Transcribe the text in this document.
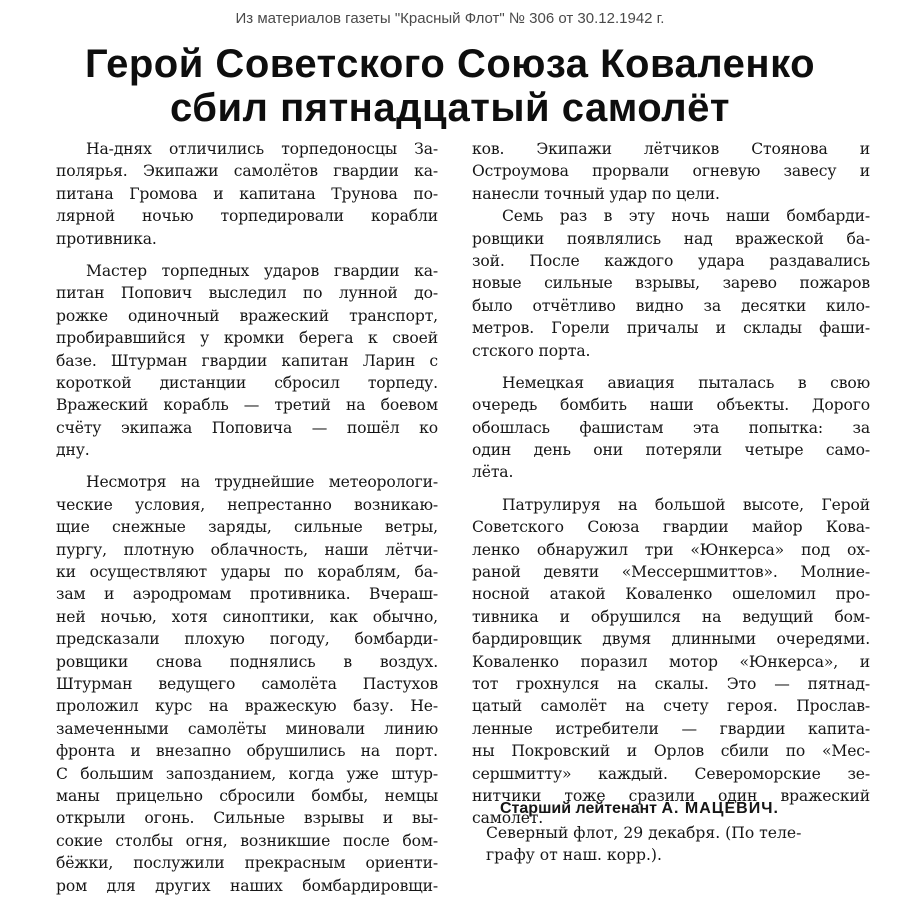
Из материалов газеты "Красный Флот" № 306 от 30.12.1942 г.
Герой Советского Союза Коваленко
сбил пятнадцатый самолёт
На-днях отличились торпедоносцы За-
полярья. Экипажи самолётов гвардии ка-
питана Громова и капитана Трунова по-
лярной ночью торпедировали корабли
противника.
Мастер торпедных ударов гвардии ка-
питан Попович выследил по лунной до-
рожке одиночный вражеский транспорт,
пробиравшийся у кромки берега к своей
базе. Штурман гвардии капитан Ларин с
короткой дистанции сбросил торпеду.
Вражеский корабль — третий на боевом
счёту экипажа Поповича — пошёл ко
дну.
Несмотря на труднейшие метеорологи-
ческие условия, непрестанно возникаю-
щие снежные заряды, сильные ветры,
пургу, плотную облачность, наши лётчи-
ки осуществляют удары по кораблям, ба-
зам и аэродромам противника. Вчераш-
ней ночью, хотя синоптики, как обычно,
предсказали плохую погоду, бомбарди-
ровщики снова поднялись в воздух.
Штурман ведущего самолёта Пастухов
проложил курс на вражескую базу. Не-
замеченными самолёты миновали линию
фронта и внезапно обрушились на порт.
С большим запозданием, когда уже штур-
маны прицельно сбросили бомбы, немцы
открыли огонь. Сильные взрывы и вы-
сокие столбы огня, возникшие после бом-
бёжки, послужили прекрасным ориенти-
ром для других наших бомбардировщи-
ков. Экипажи лётчиков Стоянова и
Остроумова прорвали огневую завесу и
нанесли точный удар по цели.
Семь раз в эту ночь наши бомбарди-
ровщики появлялись над вражеской ба-
зой. После каждого удара раздавались
новые сильные взрывы, зарево пожаров
было отчётливо видно за десятки кило-
метров. Горели причалы и склады фаши-
стского порта.
Немецкая авиация пыталась в свою
очередь бомбить наши объекты. Дорого
обошлась фашистам эта попытка: за
один день они потеряли четыре само-
лёта.
Патрулируя на большой высоте, Герой
Советского Союза гвардии майор Кова-
ленко обнаружил три «Юнкерса» под ох-
раной девяти «Мессершмиттов». Молние-
носной атакой Коваленко ошеломил про-
тивника и обрушился на ведущий бом-
бардировщик двумя длинными очередями.
Коваленко поразил мотор «Юнкерса», и
тот грохнулся на скалы. Это — пятнад-
цатый самолёт на счету героя. Прослав-
ленные истребители — гвардии капита-
ны Покровский и Орлов сбили по «Мес-
сершмитту» каждый. Североморские зе-
нитчики тоже сразили один вражеский
самолёт.
Старший лейтенант А. МАЦЕВИЧ.
Северный флот, 29 декабря. (По теле-
графу от наш. корр.).
